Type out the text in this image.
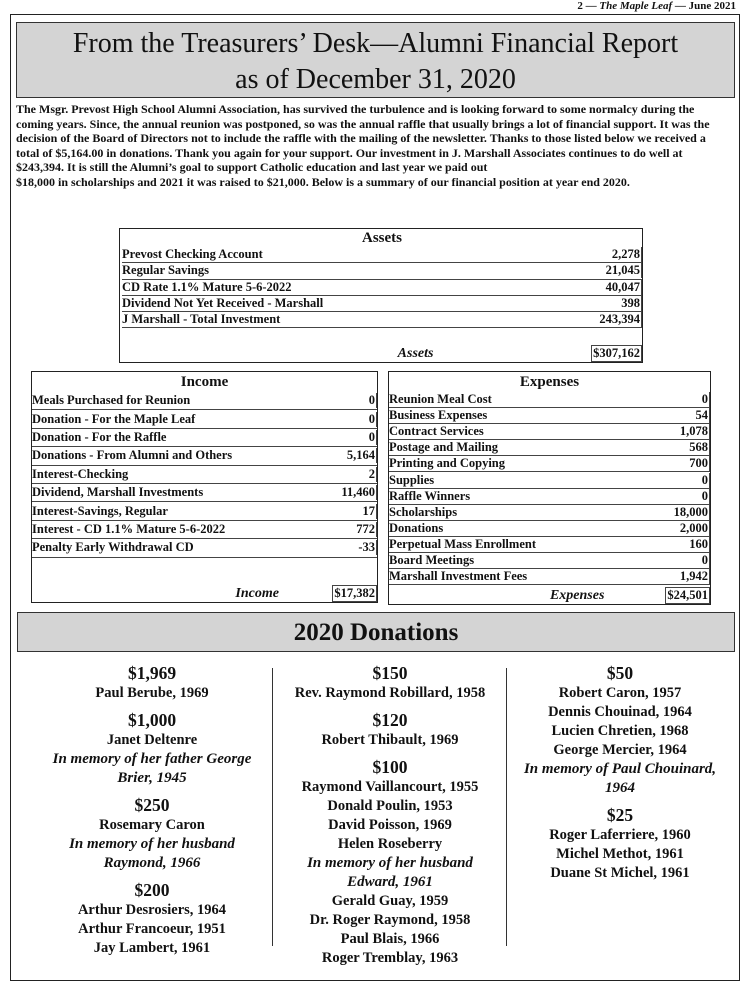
2 — The Maple Leaf — June 2021
From the Treasurers’ Desk—Alumni Financial Report
as of December 31, 2020

The Msgr. Prevost High School Alumni Association, has survived the turbulence and is looking forward to some normalcy during the coming years. Since, the annual reunion was postponed, so was the annual raffle that usually brings a lot of financial support. It was the decision of the Board of Directors not to include the raffle with the mailing of the newsletter. Thanks to those listed below we received a total of $5,164.00 in donations. Thank you again for your support. Our investment in J. Marshall Associates continues to do well at $243,394. It is still the Alumni’s goal to support Catholic education and last year we paid out

$18,000 in scholarships and 2021 it was raised to $21,000. Below is a summary of our financial position at year end 2020.

Assets
Prevost Checking Account	2,278
Regular Savings	21,045
CD Rate 1.1% Mature 5-6-2022	40,047
Dividend Not Yet Received - Marshall	398
J Marshall - Total Investment	243,394
Assets	$307,162
Income
Meals Purchased for Reunion	0
Donation - For the Maple Leaf	0
Donation - For the Raffle	0
Donations - From Alumni and Others	5,164
Interest-Checking	2
Dividend, Marshall Investments	11,460
Interest-Savings, Regular	17
Interest - CD 1.1% Mature 5-6-2022	772
Penalty Early Withdrawal CD	-33
Income	$17,382
Expenses
Reunion Meal Cost	0
Business Expenses	54
Contract Services	1,078
Postage and Mailing	568
Printing and Copying	700
Supplies	0
Raffle Winners	0
Scholarships	18,000
Donations	2,000
Perpetual Mass Enrollment	160
Board Meetings	0
Marshall Investment Fees	1,942
Expenses	$24,501
2020 Donations
$1,969
Paul Berube, 1969
$1,000
Janet Deltenre
In memory of her father George
Brier, 1945
$250
Rosemary Caron
In memory of her husband
Raymond, 1966
$200
Arthur Desrosiers, 1964
Arthur Francoeur, 1951
Jay Lambert, 1961
$150
Rev. Raymond Robillard, 1958
$120
Robert Thibault, 1969
$100
Raymond Vaillancourt, 1955
Donald Poulin, 1953
David Poisson, 1969
Helen Roseberry
In memory of her husband
Edward, 1961
Gerald Guay, 1959
Dr. Roger Raymond, 1958
Paul Blais, 1966
Roger Tremblay, 1963
$50
Robert Caron, 1957
Dennis Chouinad, 1964
Lucien Chretien, 1968
George Mercier, 1964
In memory of Paul Chouinard,
1964
$25
Roger Laferriere, 1960
Michel Methot, 1961
Duane St Michel, 1961
